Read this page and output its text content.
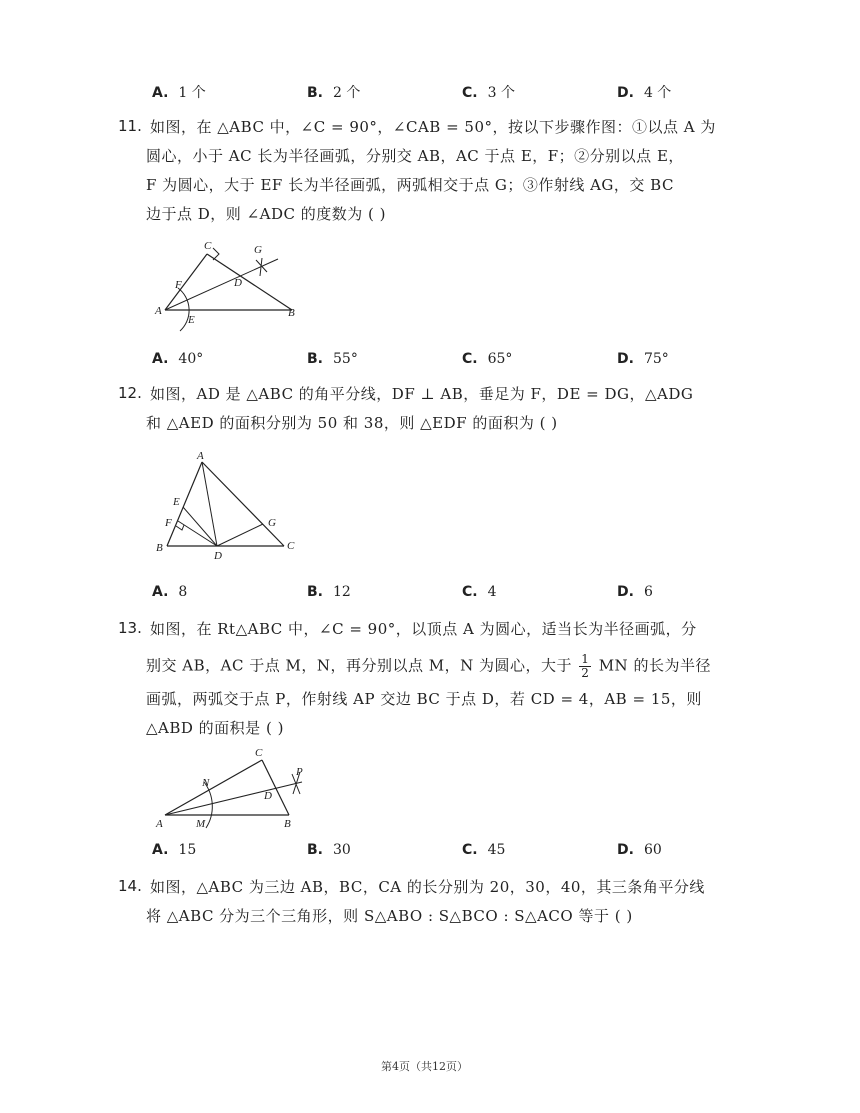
A. 1 个	B. 2 个	C. 3 个	D. 4 个
11. 如图，在 △ABC 中，∠C = 90°，∠CAB = 50°，按以下步骤作图：①以点 A 为
圆心，小于 AC 长为半径画弧，分别交 AB，AC 于点 E，F；②分别以点 E，
F 为圆心，大于 EF 长为半径画弧，两弧相交于点 G；③作射线 AG，交 BC
边于点 D，则 ∠ADC 的度数为 ( )
C	G
F	D
A
E
B
A. 40°	B. 55°	C. 65°	D. 75°
12. 如图，AD 是 △ABC 的角平分线，DF ⊥ AB，垂足为 F，DE = DG，△ADG
和 △AED 的面积分别为 50 和 38，则 △EDF 的面积为 ( )
A
E
F
B
D
G
C
A. 8	B. 12	C. 4	D. 6
13. 如图，在 Rt△ABC 中，∠C = 90°，以顶点 A 为圆心，适当长为半径画弧，分
别交 AB，AC 于点 M，N，再分别以点 M，N 为圆心，大于 $\frac{1}{2}$ MN 的长为半径
画弧，两弧交于点 P，作射线 AP 交边 BC 于点 D，若 CD = 4，AB = 15，则
△ABD 的面积是 ( )
C
N
P
D
A	M	B
A. 15	B. 30	C. 45	D. 60
14. 如图，△ABC 为三边 AB，BC，CA 的长分别为 20，30，40，其三条角平分线
将 △ABC 分为三个三角形，则 S△ABO : S△BCO : S△ACO 等于 ( )
第4页（共12页）
